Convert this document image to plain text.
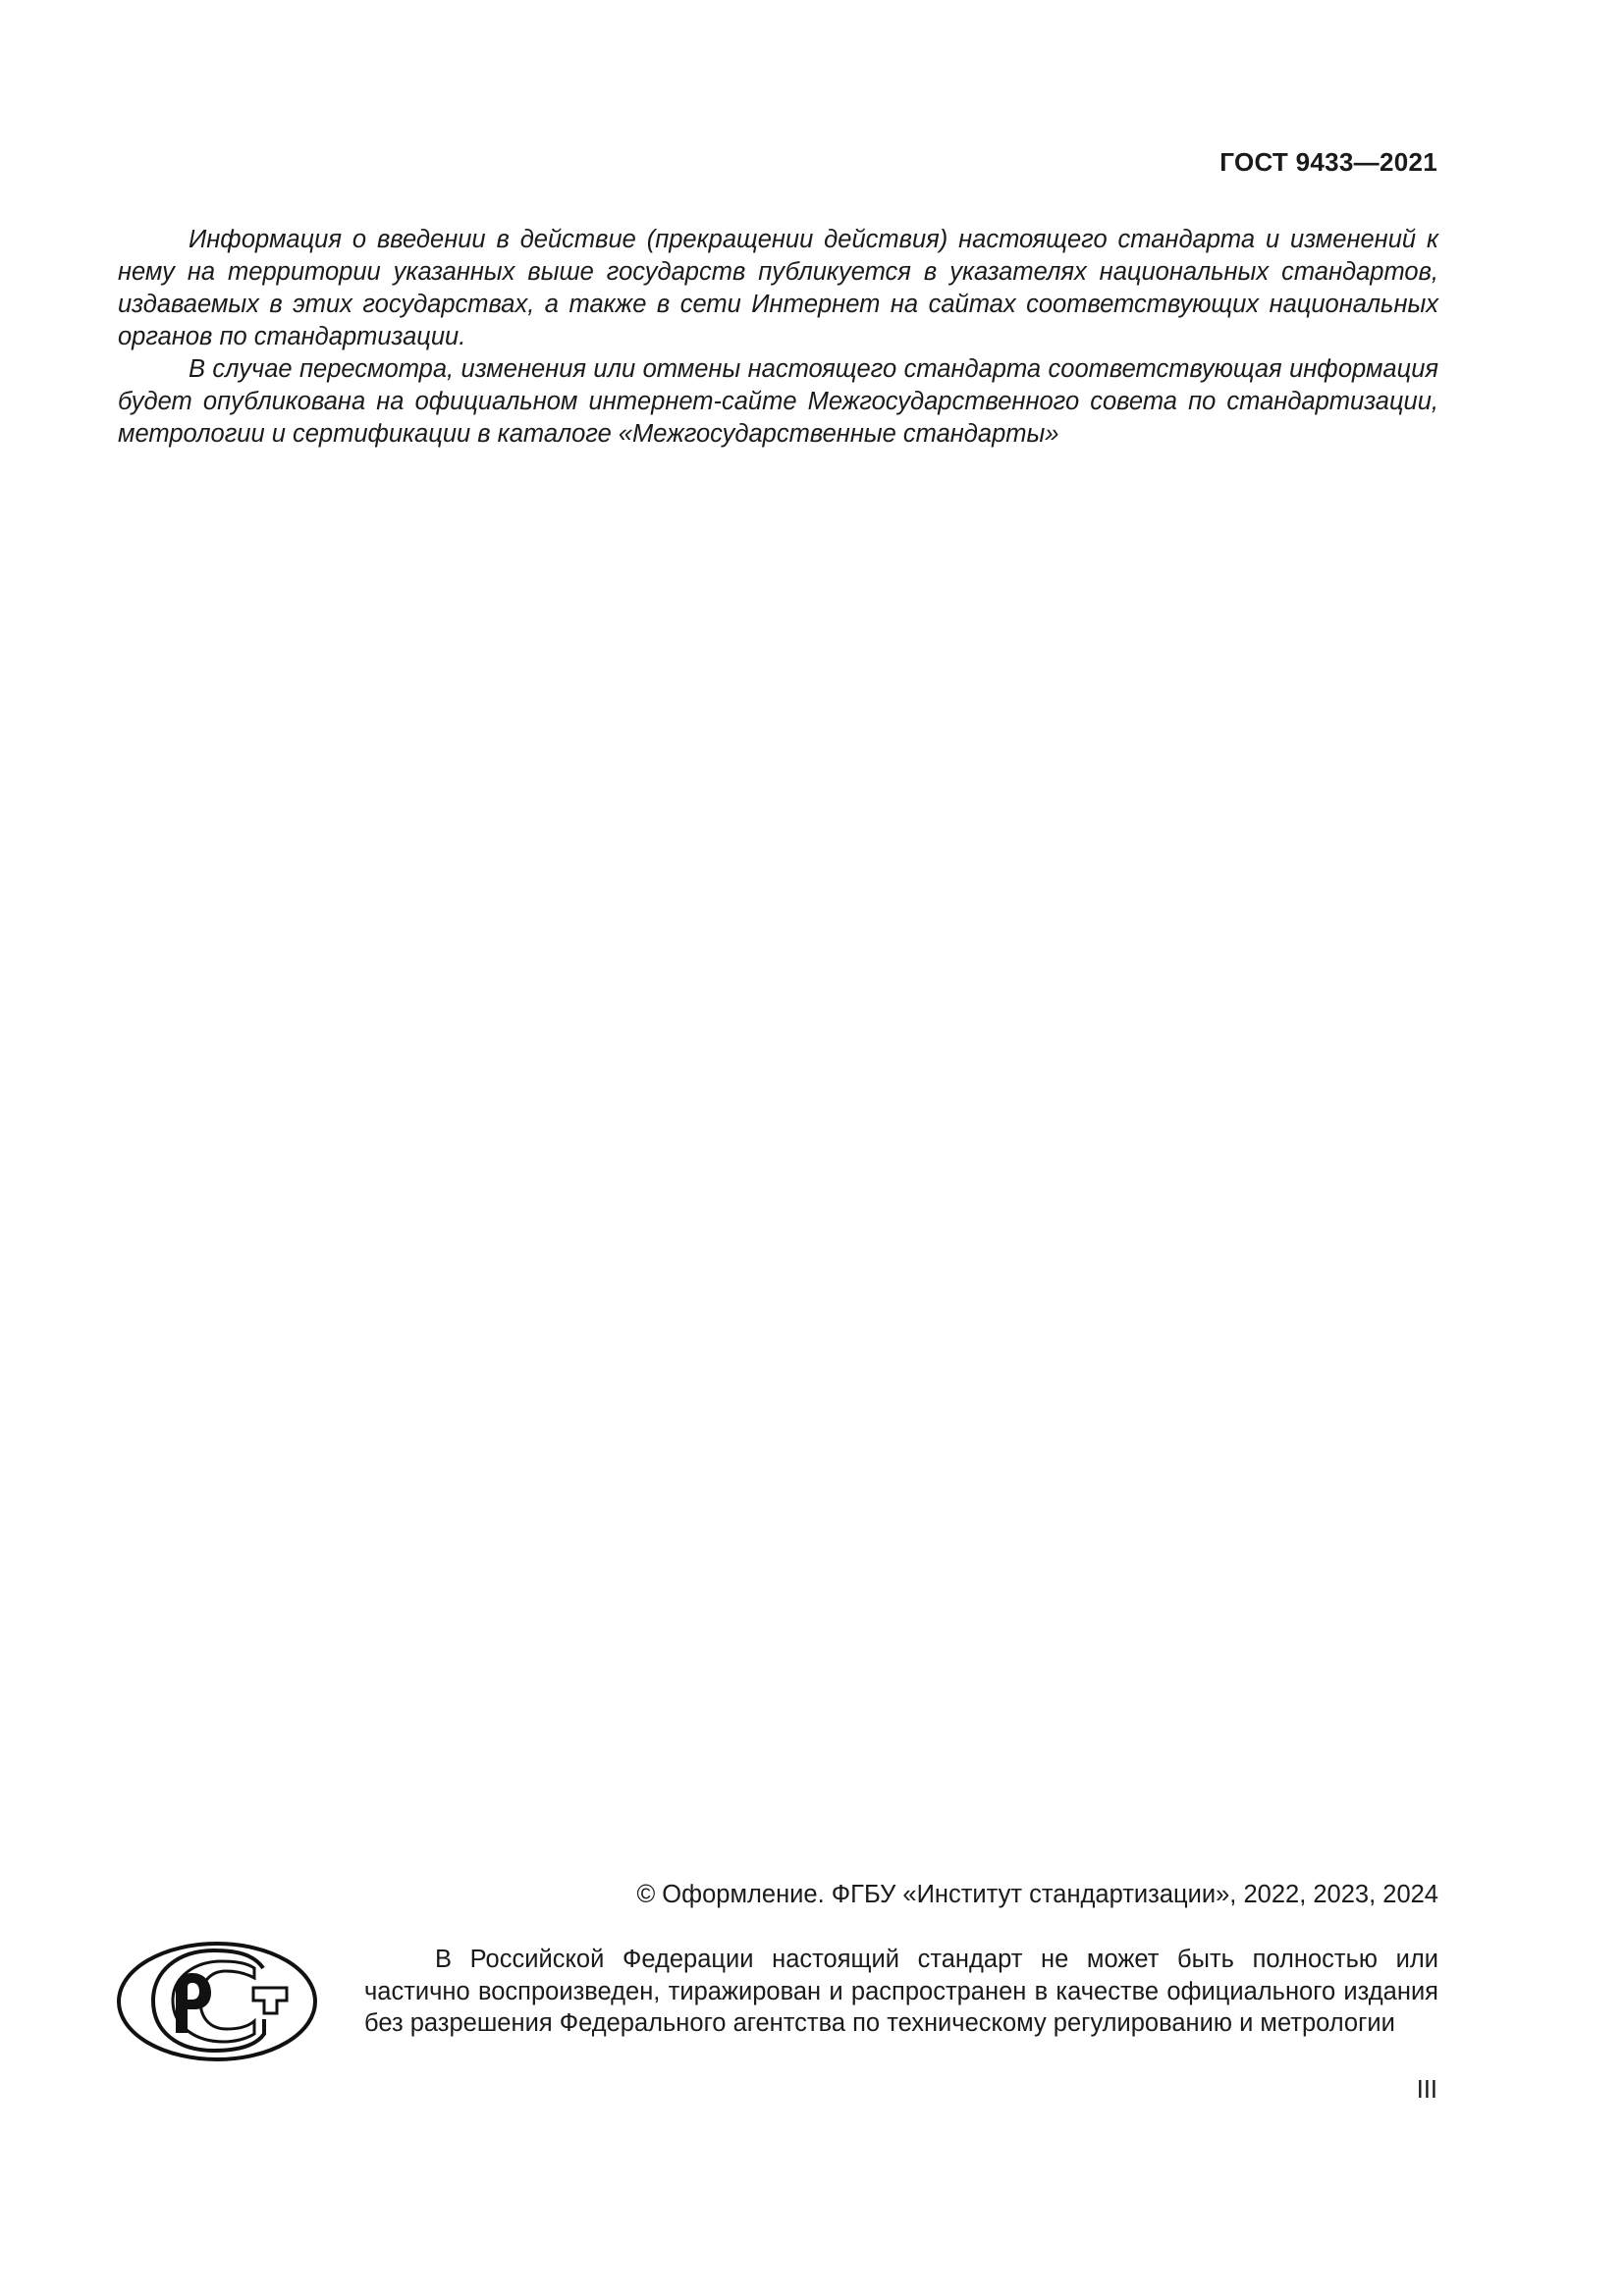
ГОСТ 9433—2021

Информация о введении в действие (прекращении действия) настоящего стандарта и изменений к нему на территории указанных выше государств публикуется в указателях национальных стандартов, издаваемых в этих государствах, а также в сети Интернет на сайтах соответствующих национальных органов по стандартизации.

В случае пересмотра, изменения или отмены настоящего стандарта соответствующая информация будет опубликована на официальном интернет-сайте Межгосударственного совета по стандартизации, метрологии и сертификации в каталоге «Межгосударственные стандарты»

© Оформление. ФГБУ «Институт стандартизации», 2022, 2023, 2024

В Российской Федерации настоящий стандарт не может быть полностью или частично воспроизведен, тиражирован и распространен в качестве официального издания без разрешения Федерального агентства по техническому регулированию и метрологии

III
